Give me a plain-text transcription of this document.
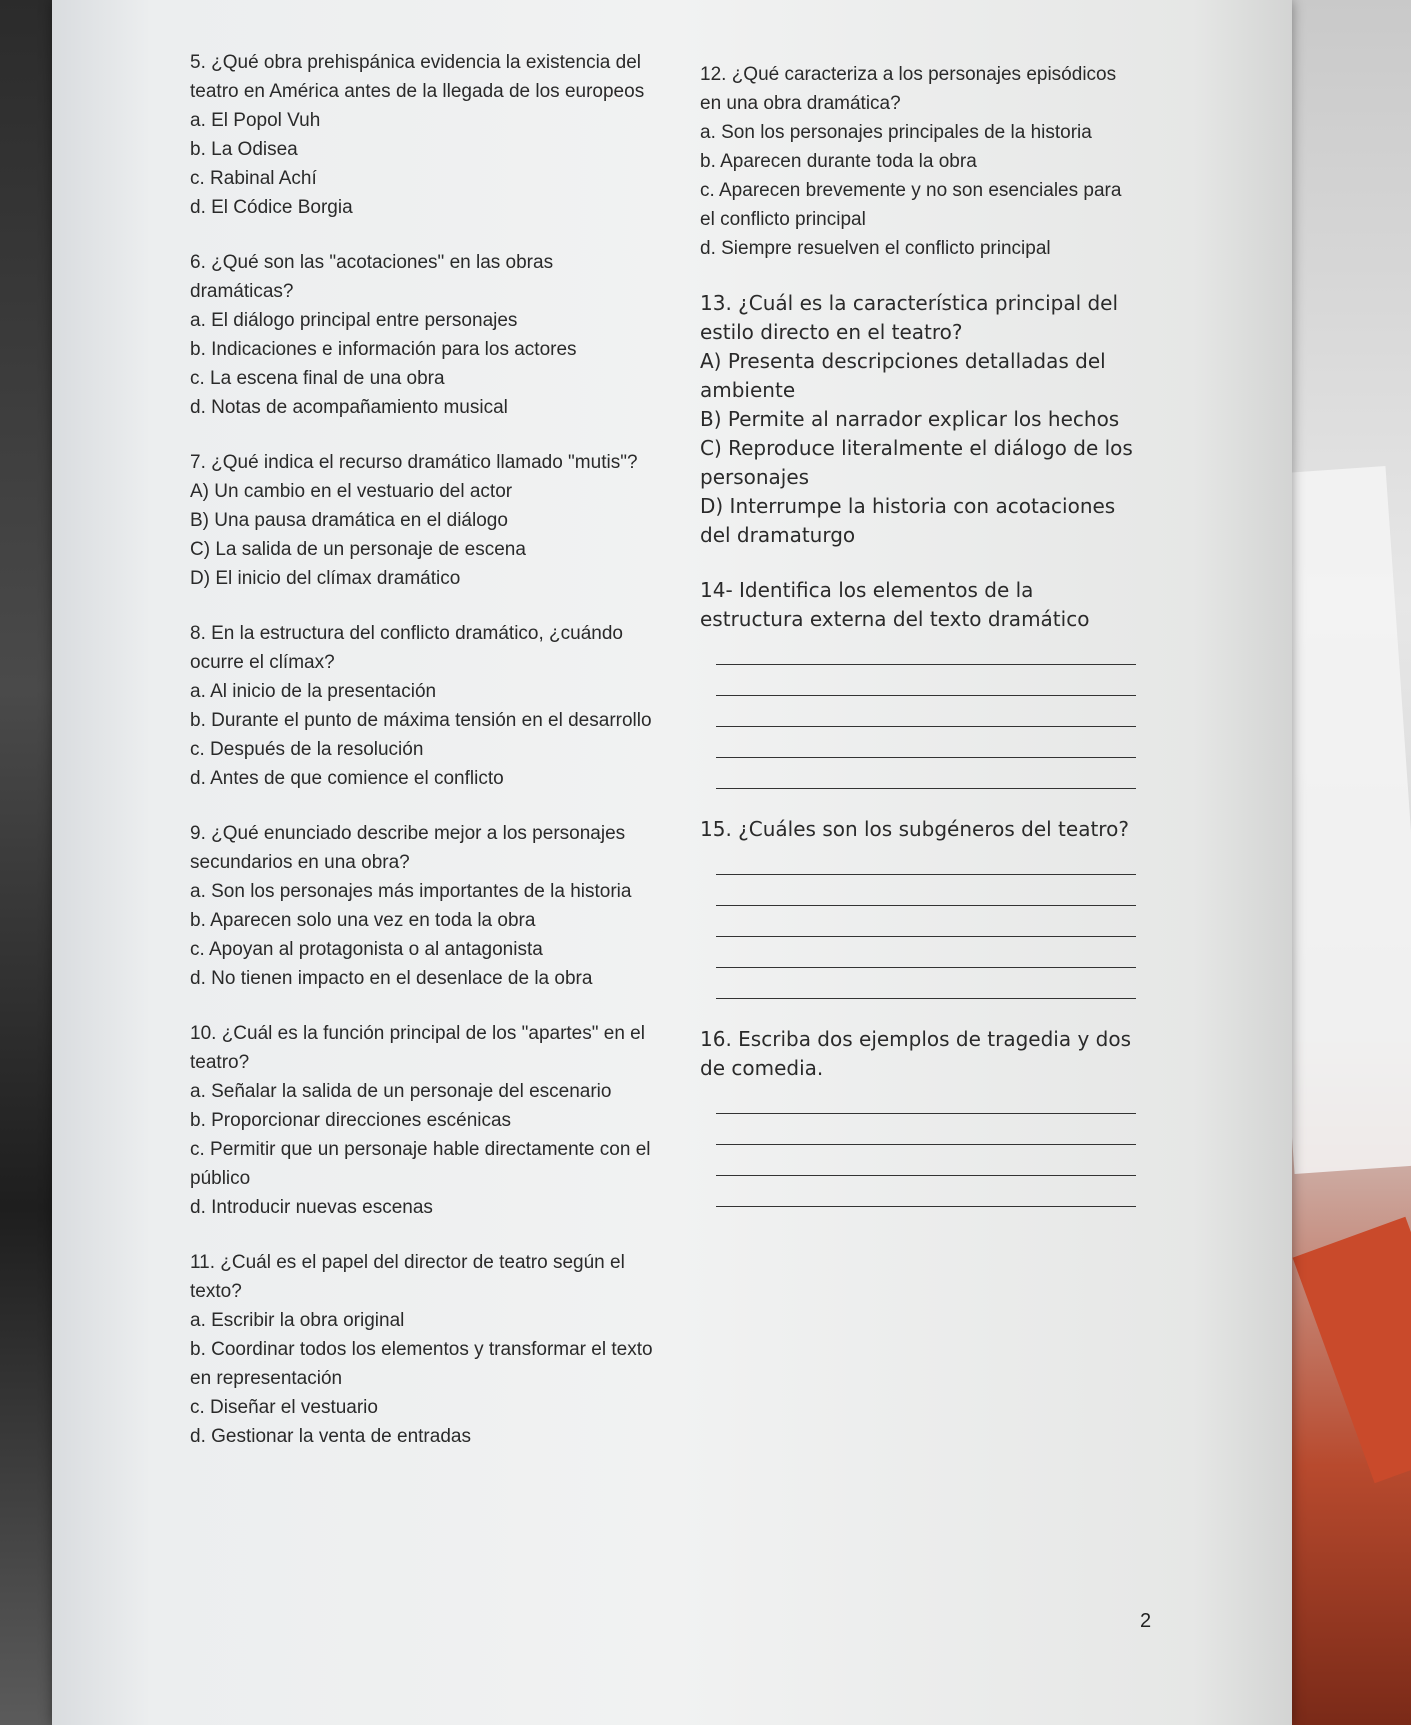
5. ¿Qué obra prehispánica evidencia la existencia del teatro en América antes de la llegada de los europeos
a. El Popol Vuh
b. La Odisea
c. Rabinal Achí
d. El Códice Borgia
6. ¿Qué son las "acotaciones" en las obras dramáticas?
a. El diálogo principal entre personajes
b. Indicaciones e información para los actores
c. La escena final de una obra
d. Notas de acompañamiento musical
7. ¿Qué indica el recurso dramático llamado "mutis"?
A) Un cambio en el vestuario del actor
B) Una pausa dramática en el diálogo
C) La salida de un personaje de escena
D) El inicio del clímax dramático
8. En la estructura del conflicto dramático, ¿cuándo ocurre el clímax?
a. Al inicio de la presentación
b. Durante el punto de máxima tensión en el desarrollo
c. Después de la resolución
d. Antes de que comience el conflicto
9. ¿Qué enunciado describe mejor a los personajes secundarios en una obra?
a. Son los personajes más importantes de la historia
b. Aparecen solo una vez en toda la obra
c. Apoyan al protagonista o al antagonista
d. No tienen impacto en el desenlace de la obra
10. ¿Cuál es la función principal de los "apartes" en el teatro?
a. Señalar la salida de un personaje del escenario
b. Proporcionar direcciones escénicas
c. Permitir que un personaje hable directamente con el público
d. Introducir nuevas escenas
11. ¿Cuál es el papel del director de teatro según el texto?
a. Escribir la obra original
b. Coordinar todos los elementos y transformar el texto en representación
c. Diseñar el vestuario
d. Gestionar la venta de entradas
12. ¿Qué caracteriza a los personajes episódicos en una obra dramática?
a. Son los personajes principales de la historia
b. Aparecen durante toda la obra
c. Aparecen brevemente y no son esenciales para el conflicto principal
d. Siempre resuelven el conflicto principal
13. ¿Cuál es la característica principal del estilo directo en el teatro?
A) Presenta descripciones detalladas del ambiente
B) Permite al narrador explicar los hechos
C) Reproduce literalmente el diálogo de los personajes
D) Interrumpe la historia con acotaciones del dramaturgo
14- Identifica los elementos de la estructura externa del texto dramático
15. ¿Cuáles son los subgéneros del teatro?
16. Escriba dos ejemplos de tragedia y dos de comedia.
2
